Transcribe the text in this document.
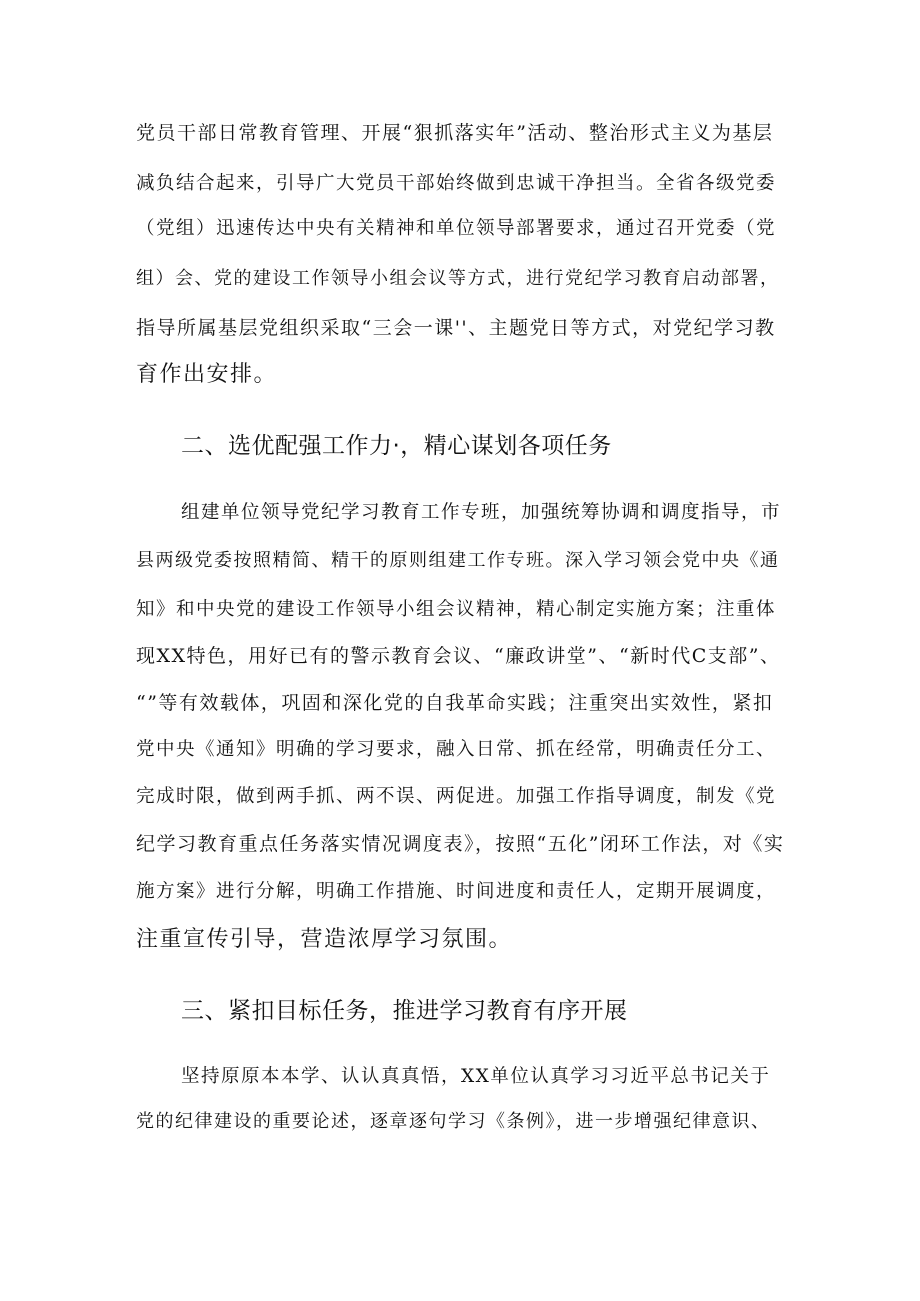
党员干部日常教育管理、开展“狠抓落实年”活动、整治形式主义为基层
减负结合起来，引导广大党员干部始终做到忠诚干净担当。全省各级党委
（党组）迅速传达中央有关精神和单位领导部署要求，通过召开党委（党
组）会、党的建设工作领导小组会议等方式，进行党纪学习教育启动部署，
指导所属基层党组织采取“三会一课''、主题党日等方式，对党纪学习教
育作出安排。
二、选优配强工作力·，精心谋划各项任务
组建单位领导党纪学习教育工作专班，加强统筹协调和调度指导，市
县两级党委按照精简、精干的原则组建工作专班。深入学习领会党中央《通
知》和中央党的建设工作领导小组会议精神，精心制定实施方案；注重体
现XX特色，用好已有的警示教育会议、“廉政讲堂”、“新时代C支部”、
“”等有效载体，巩固和深化党的自我革命实践；注重突出实效性，紧扣
党中央《通知》明确的学习要求，融入日常、抓在经常，明确责任分工、
完成时限，做到两手抓、两不误、两促进。加强工作指导调度，制发《党
纪学习教育重点任务落实情况调度表》，按照“五化”闭环工作法，对《实
施方案》进行分解，明确工作措施、时间进度和责任人，定期开展调度，
注重宣传引导，营造浓厚学习氛围。
三、紧扣目标任务，推进学习教育有序开展
坚持原原本本学、认认真真悟，XX单位认真学习习近平总书记关于
党的纪律建设的重要论述，逐章逐句学习《条例》，进一步增强纪律意识、
